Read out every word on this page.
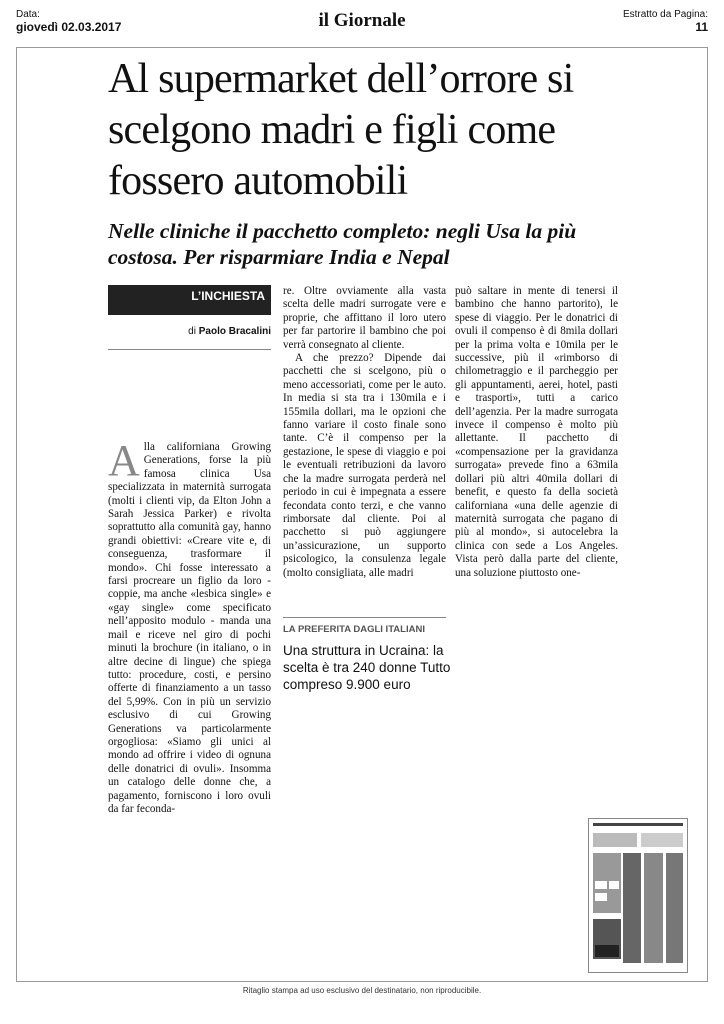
Data:
giovedì 02.03.2017	il Giornale	Estratto da Pagina:
11
Al supermarket dell’orrore si scelgono madri e figli come fossero automobili
Nelle cliniche il pacchetto completo: negli Usa la più costosa. Per risparmiare India e Nepal
L’INCHIESTA
di Paolo Bracalini

Alla californiana Growing Generations, forse la più famosa clinica Usa specializzata in maternità surrogata (molti i clienti vip, da Elton John a Sarah Jessica Parker) e rivolta soprattutto alla comunità gay, hanno grandi obiettivi: «Creare vite e, di conseguenza, trasformare il mondo». Chi fosse interessato a farsi procreare un figlio da loro - coppie, ma anche «lesbica single» e «gay single» come specificato nell’apposito modulo - manda una mail e riceve nel giro di pochi minuti la brochure (in italiano, o in altre decine di lingue) che spiega tutto: procedure, costi, e persino offerte di finanziamento a un tasso del 5,99%. Con in più un servizio esclusivo di cui Growing Generations va particolarmente orgogliosa: «Siamo gli unici al mondo ad offrire i video di ognuna delle donatrici di ovuli». Insomma un catalogo delle donne che, a pagamento, forniscono i loro ovuli da far feconda-

re. Oltre ovviamente alla vasta scelta delle madri surrogate vere e proprie, che affittano il loro utero per far partorire il bambino che poi verrà consegnato al cliente.
A che prezzo? Dipende dai pacchetti che si scelgono, più o meno accessoriati, come per le auto. In media si sta tra i 130mila e i 155mila dollari, ma le opzioni che fanno variare il costo finale sono tante. C’è il compenso per la gestazione, le spese di viaggio e poi le eventuali retribuzioni da lavoro che la madre surrogata perderà nel periodo in cui è impegnata a essere fecondata conto terzi, e che vanno rimborsate dal cliente. Poi al pacchetto si può aggiungere un’assicurazione, un supporto psicologico, la consulenza legale (molto consigliata, alle madri

può saltare in mente di tenersi il bambino che hanno partorito), le spese di viaggio. Per le donatrici di ovuli il compenso è di 8mila dollari per la prima volta e 10mila per le successive, più il «rimborso di chilometraggio e il parcheggio per gli appuntamenti, aerei, hotel, pasti e trasporti», tutti a carico dell’agenzia. Per la madre surrogata invece il compenso è molto più allettante. Il pacchetto di «compensazione per la gravidanza surrogata» prevede fino a 63mila dollari più altri 40mila dollari di benefit, e questo fa della società californiana «una delle agenzie di maternità surrogata che pagano di più al mondo», si autocelebra la clinica con sede a Los Angeles. Vista però dalla parte del cliente, una soluzione piuttosto one-

LA PREFERITA DAGLI ITALIANI
Una struttura in Ucraina: la scelta è tra 240 donne Tutto compreso 9.900 euro
Ritaglio stampa ad uso esclusivo del destinatario, non riproducibile.
